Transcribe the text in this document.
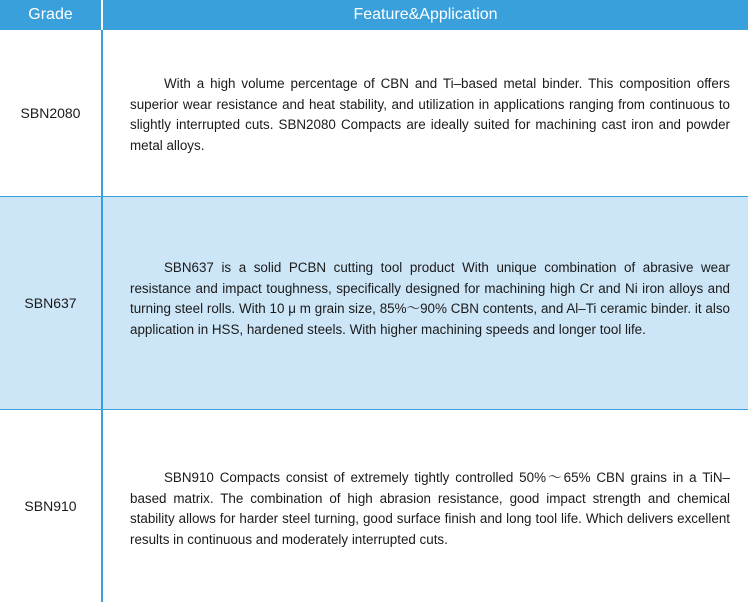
Grade	Feature&Application
SBN2080

With a high volume percentage of CBN and Ti–based metal binder. This composition offers superior wear resistance and heat stability, and utilization in applications ranging from continuous to slightly interrupted cuts. SBN2080 Compacts are ideally suited for machining cast iron and powder metal alloys.

SBN637

SBN637 is a solid PCBN cutting tool product With unique combination of abrasive wear resistance and impact toughness, specifically designed for machining high Cr and Ni iron alloys and turning steel rolls. With 10 μ m grain size, 85%～90% CBN contents, and Al–Ti ceramic binder. it also application in HSS, hardened steels. With higher machining speeds and longer tool life.

SBN910

SBN910 Compacts consist of extremely tightly controlled 50%～65% CBN grains in a TiN–based matrix. The combination of high abrasion resistance, good impact strength and chemical stability allows for harder steel turning, good surface finish and long tool life. Which delivers excellent results in continuous and moderately interrupted cuts.
